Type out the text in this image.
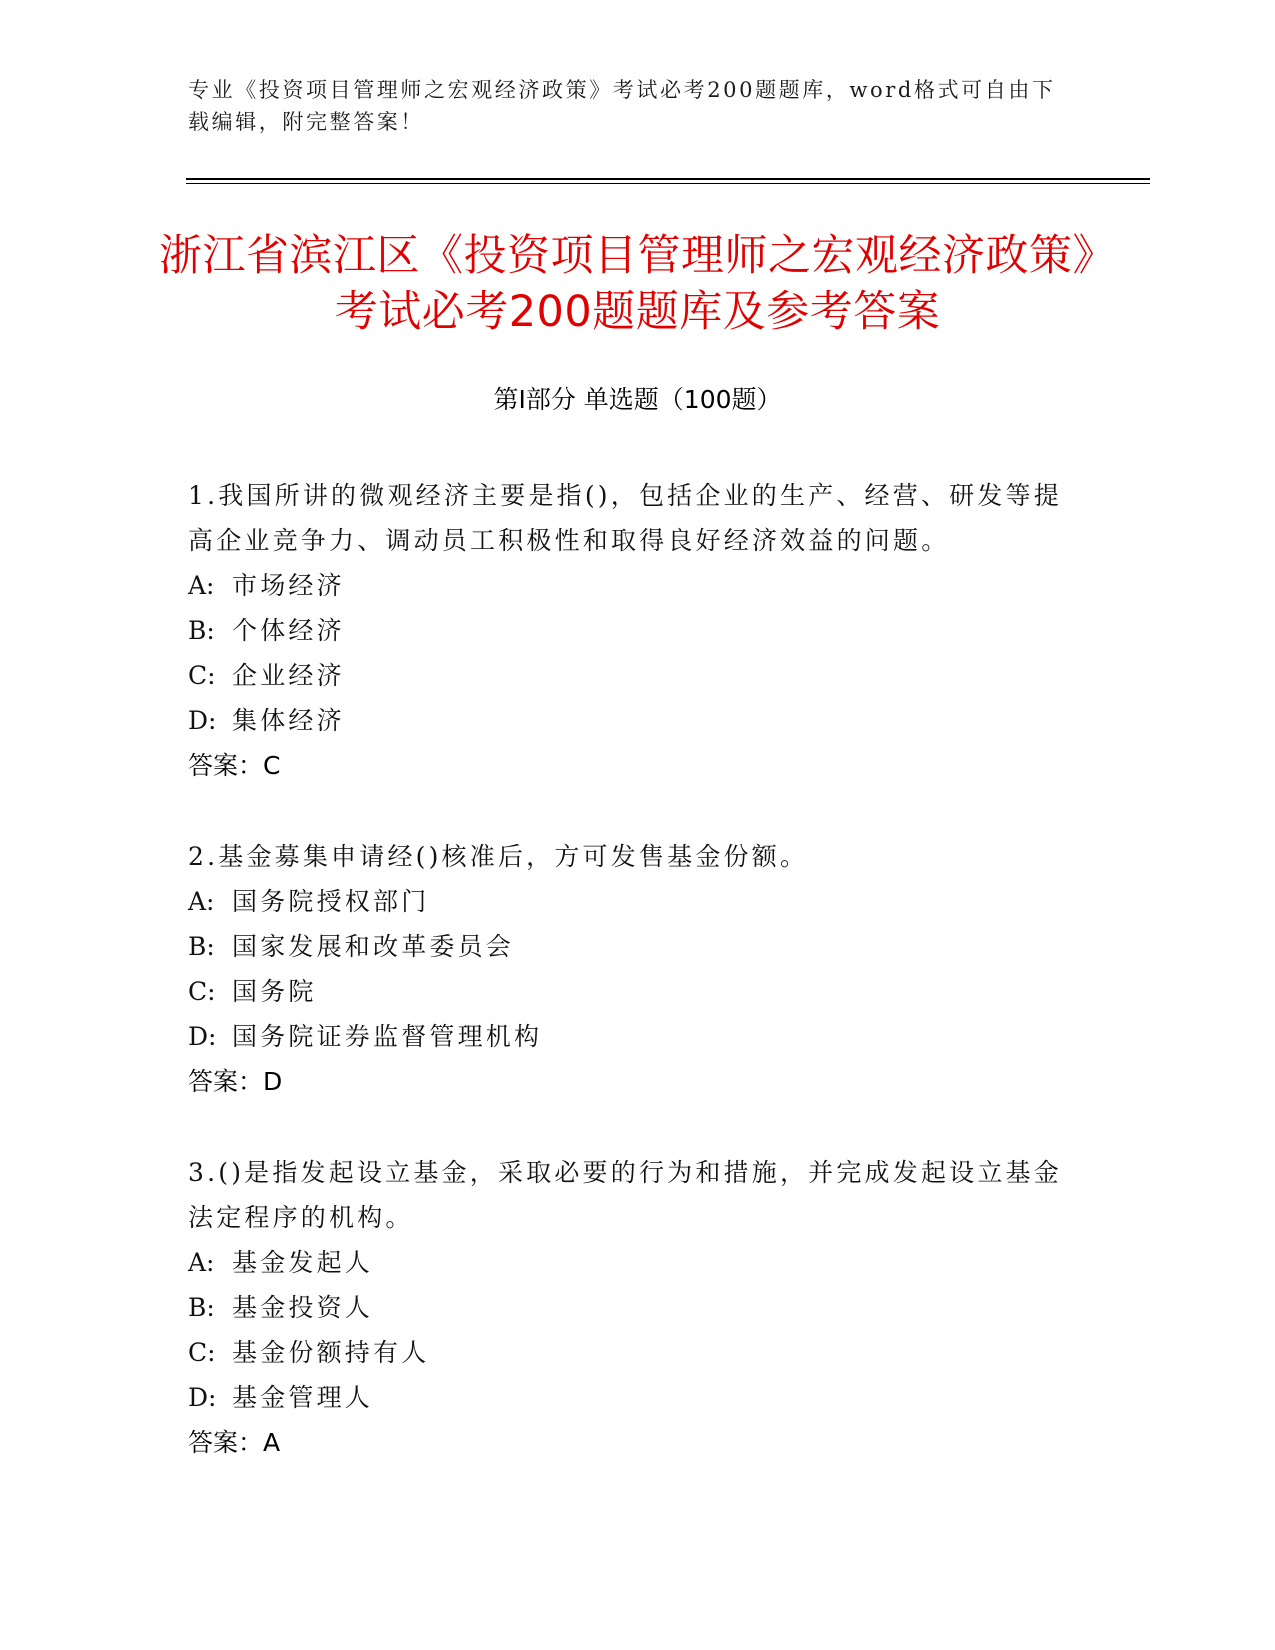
专业《投资项目管理师之宏观经济政策》考试必考200题题库，word格式可自由下载编辑，附完整答案！
浙江省滨江区《投资项目管理师之宏观经济政策》考试必考200题题库及参考答案
第Ⅰ部分 单选题（100题）

1.我国所讲的微观经济主要是指()，包括企业的生产、经营、研发等提高企业竞争力、调动员工积极性和取得良好经济效益的问题。

A: 市场经济

B: 个体经济

C: 企业经济

D: 集体经济

答案：C

2.基金募集申请经()核准后，方可发售基金份额。

A: 国务院授权部门

B: 国家发展和改革委员会

C: 国务院

D: 国务院证券监督管理机构

答案：D

3.()是指发起设立基金，采取必要的行为和措施，并完成发起设立基金法定程序的机构。

A: 基金发起人

B: 基金投资人

C: 基金份额持有人

D: 基金管理人

答案：A
